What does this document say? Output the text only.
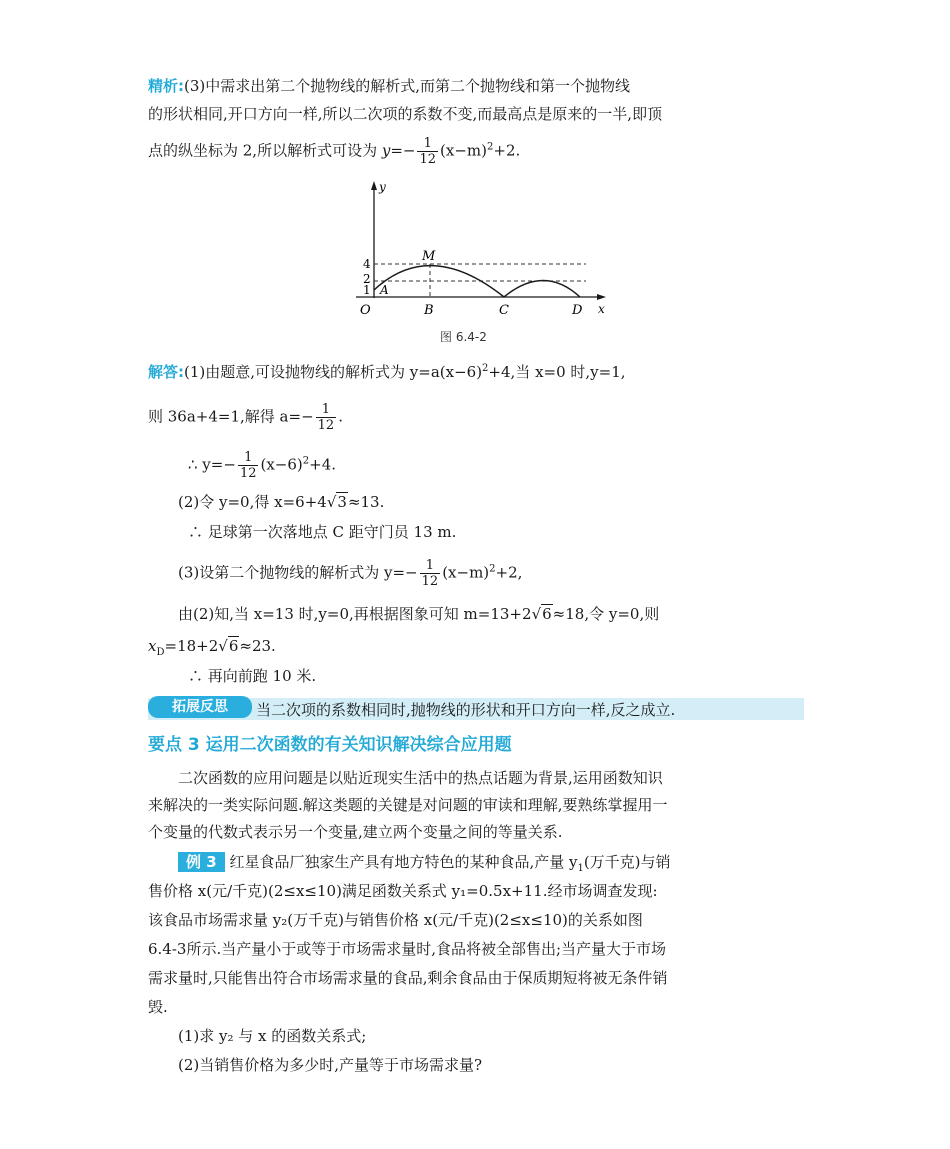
精析:(3)中需求出第二个抛物线的解析式,而第二个抛物线和第一个抛物线
的形状相同,开口方向一样,所以二次项的系数不变,而最高点是原来的一半,即顶
点的纵坐标为 2,所以解析式可设为 $y=- \frac{1}{12} (x-m)^2+2$.
y
x
O
A
B	C	D
M
4
2
1
图 6.4-2
解答:(1)由题意,可设抛物线的解析式为 $y=a(x-6)^2+4$,当 x=0 时,y=1,
则 36a+4=1,解得 $a=- \frac{1}{12}$ .
∴ $y=- \frac{1}{12} (x-6)^2+4$.
(2)令 y=0,得 x=6+4√3≈13.
∴ 足球第一次落地点 C 距守门员 13 m.
(3)设第二个抛物线的解析式为 $y=- \frac{1}{12} (x-m)^2+2$,
由(2)知,当 x=13 时,y=0,再根据图象可知 m=13+2√6≈18,令 y=0,则
$x_D=18+2√6\approx 23$.
∴ 再向前跑 10 米.
拓展反思	当二次项的系数相同时,抛物线的形状和开口方向一样,反之成立.
要点 3 运用二次函数的有关知识解决综合应用题
二次函数的应用问题是以贴近现实生活中的热点话题为背景,运用函数知识
来解决的一类实际问题.解这类题的关键是对问题的审读和理解,要熟练掌握用一
个变量的代数式表示另一个变量,建立两个变量之间的等量关系.
例 3 红星食品厂独家生产具有地方特色的某种食品,产量 $y_1$(万千克)与销
售价格 x(元/千克)(2≤x≤10)满足函数关系式 y₁=0.5x+11.经市场调查发现:
该食品市场需求量 y₂(万千克)与销售价格 x(元/千克)(2≤x≤10)的关系如图
6.4-3所示.当产量小于或等于市场需求量时,食品将被全部售出;当产量大于市场
需求量时,只能售出符合市场需求量的食品,剩余食品由于保质期短将被无条件销
毁.
(1)求 y₂ 与 x 的函数关系式;
(2)当销售价格为多少时,产量等于市场需求量?
